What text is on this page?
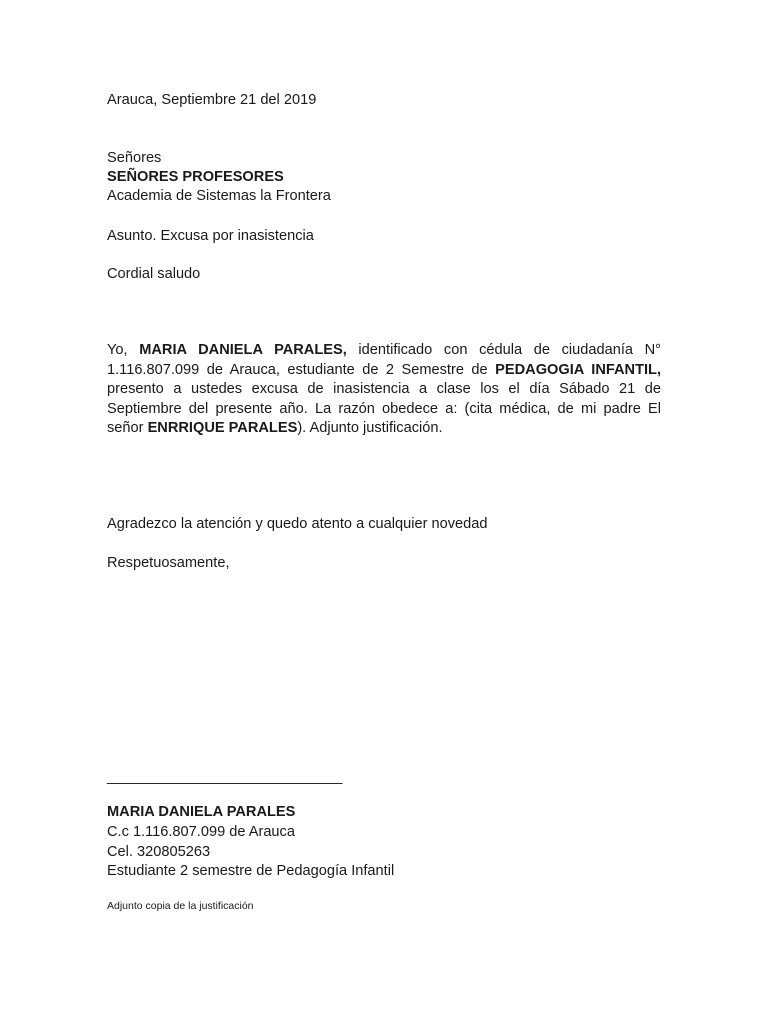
Arauca, Septiembre 21 del 2019
Señores
SEÑORES PROFESORES
Academia de Sistemas la Frontera
Asunto. Excusa por inasistencia
Cordial saludo
Yo, MARIA DANIELA PARALES, identificado con cédula de ciudadanía N° 1.116.807.099 de Arauca, estudiante de 2 Semestre de PEDAGOGIA INFANTIL, presento a ustedes excusa de inasistencia a clase los el día Sábado 21 de Septiembre del presente año. La razón obedece a: (cita médica, de mi padre El señor ENRRIQUE PARALES). Adjunto justificación.
Agradezco la atención y quedo atento a cualquier novedad
Respetuosamente,
_____________________________
MARIA DANIELA PARALES
C.c 1.116.807.099 de Arauca
Cel. 320805263
Estudiante 2 semestre de Pedagogía Infantil
Adjunto copia de la justificación
